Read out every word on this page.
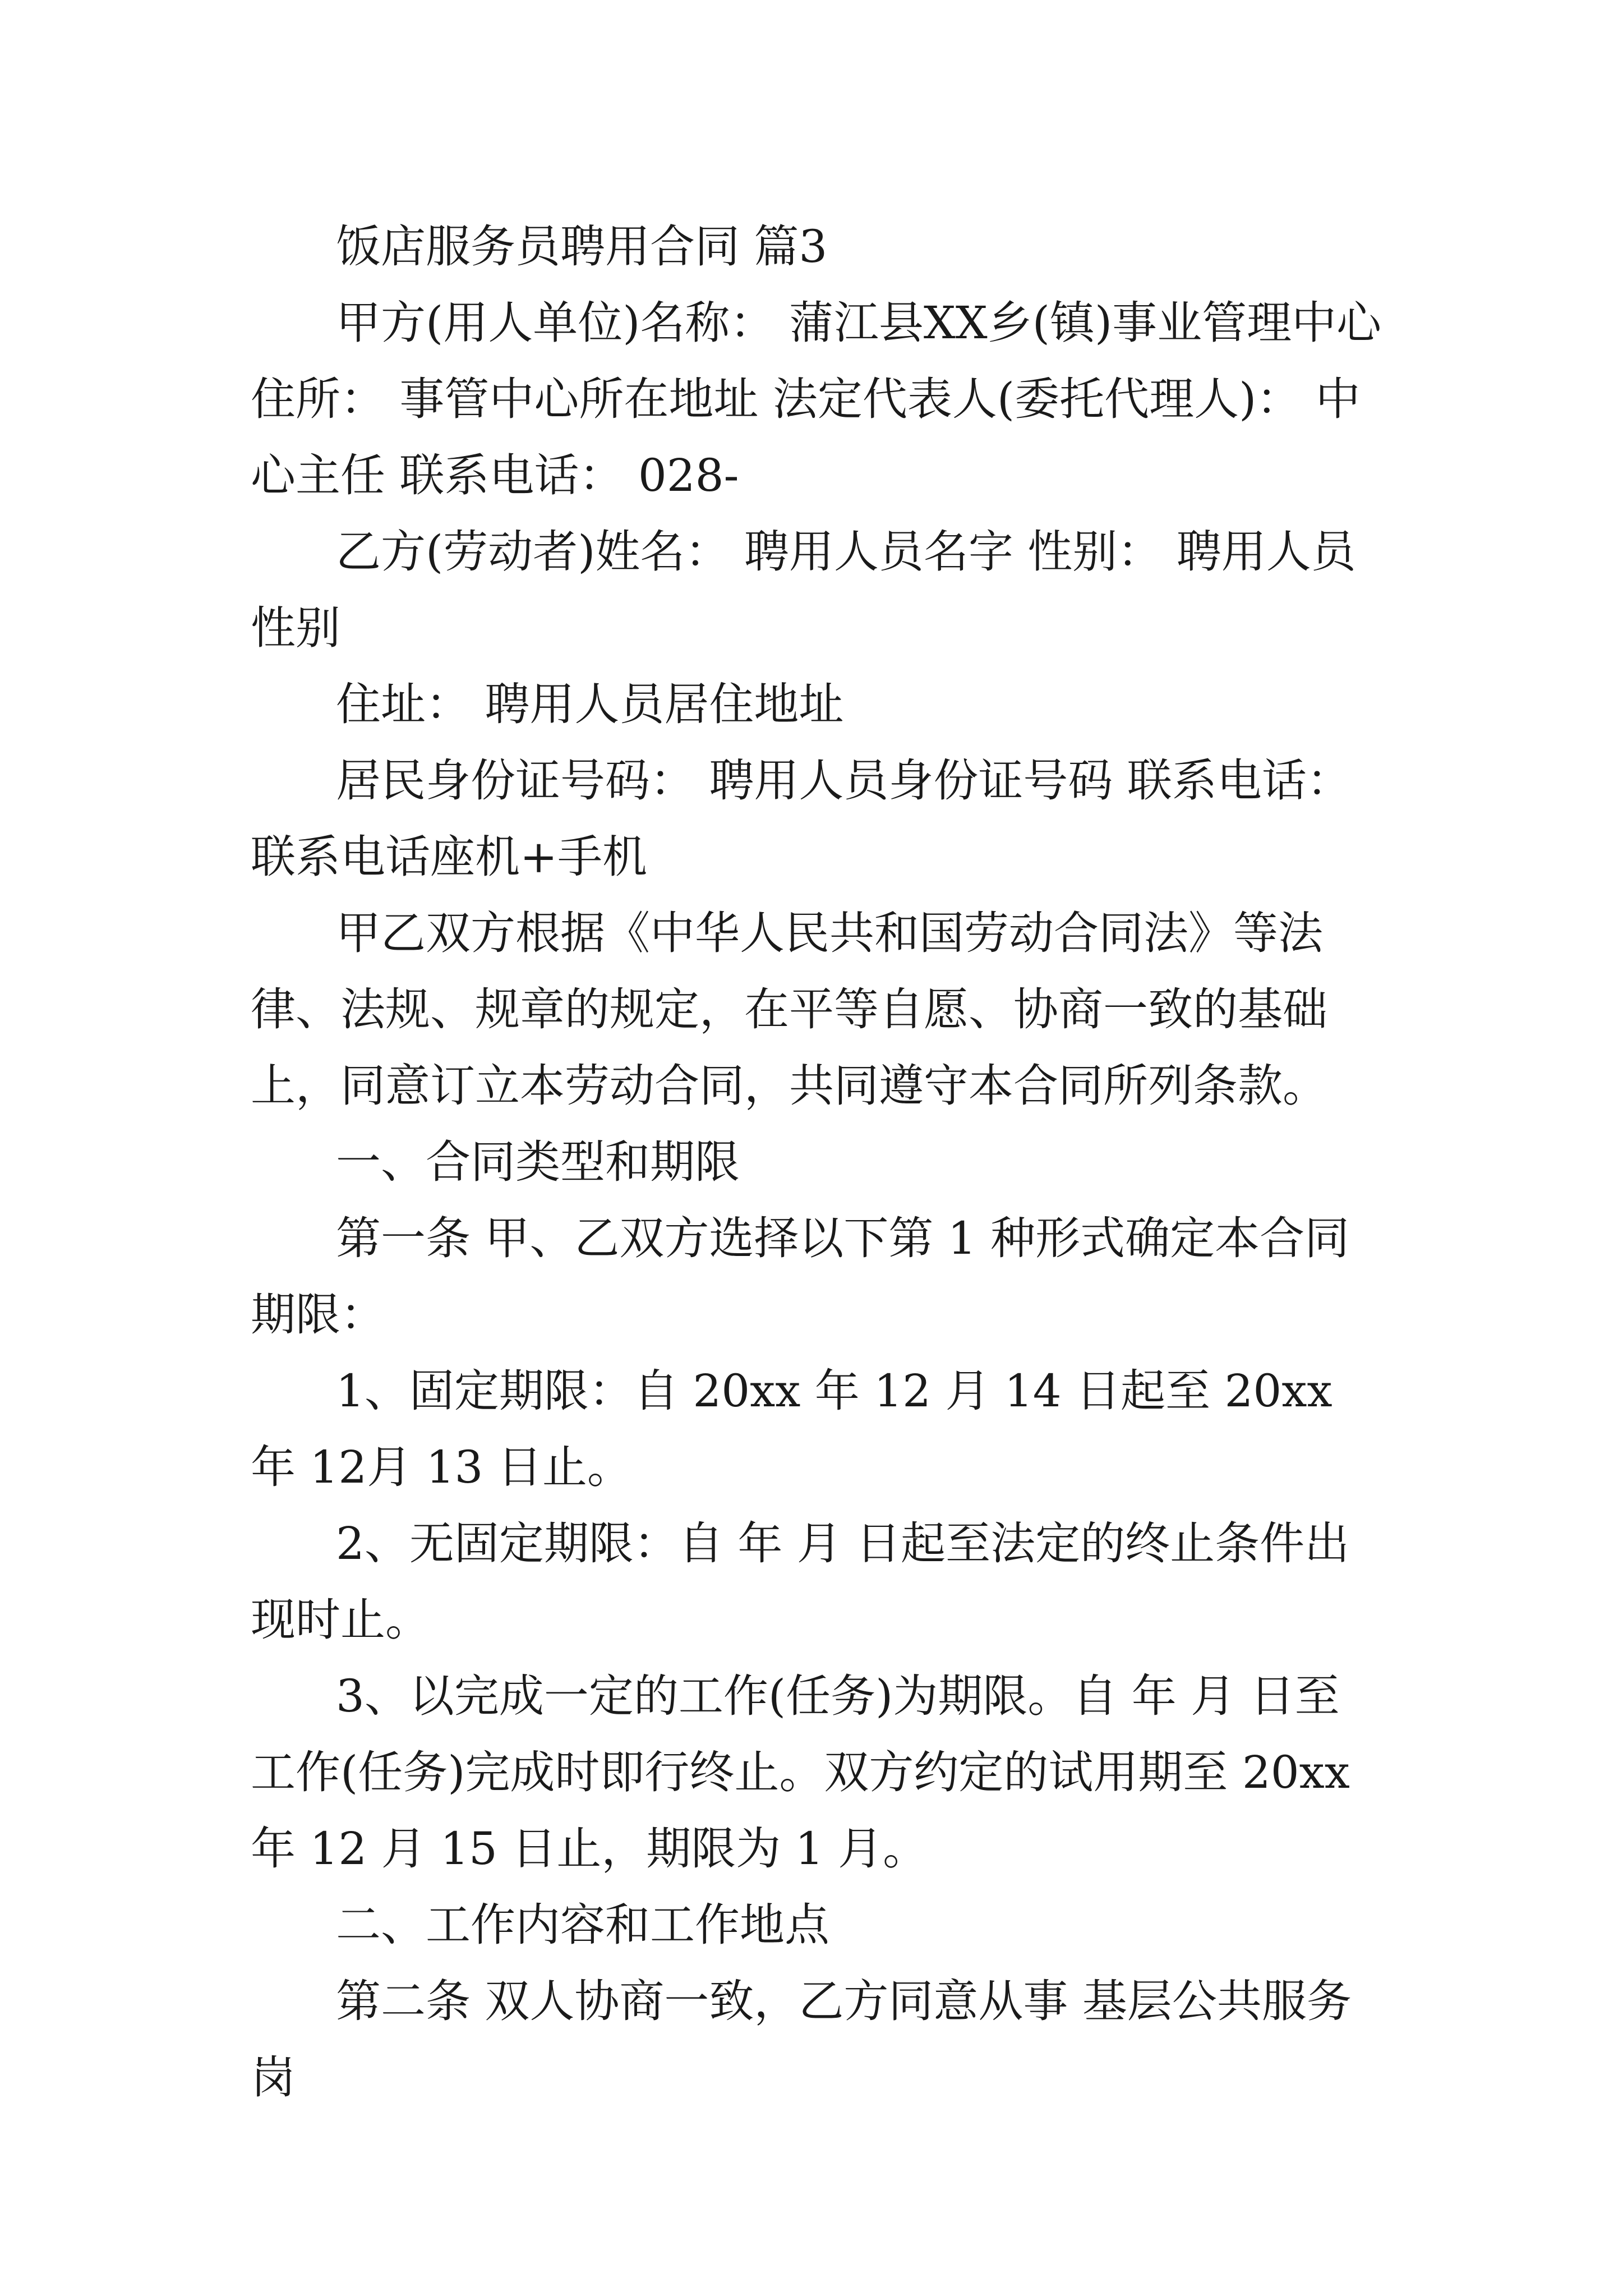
饭店服务员聘用合同 篇3

甲方(用人单位)名称： 蒲江县XX乡(镇)事业管理中心 住所： 事管中心所在地址 法定代表人(委托代理人)： 中心主任 联系电话： 028-

乙方(劳动者)姓名： 聘用人员名字 性别： 聘用人员性别

住址： 聘用人员居住地址

居民身份证号码： 聘用人员身份证号码 联系电话： 联系电话座机+手机

甲乙双方根据《中华人民共和国劳动合同法》等法律、法规、规章的规定，在平等自愿、协商一致的基础上，同意订立本劳动合同，共同遵守本合同所列条款。

一、合同类型和期限

第一条 甲、乙双方选择以下第 1 种形式确定本合同期限：

1、固定期限：自 20xx 年 12 月 14 日起至 20xx 年 12月 13 日止。

2、无固定期限：自 年 月 日起至法定的终止条件出现时止。

3、以完成一定的工作(任务)为期限。自 年 月 日至工作(任务)完成时即行终止。双方约定的试用期至 20xx 年 12 月 15 日止，期限为 1 月。

二、工作内容和工作地点

第二条 双人协商一致，乙方同意从事 基层公共服务岗
